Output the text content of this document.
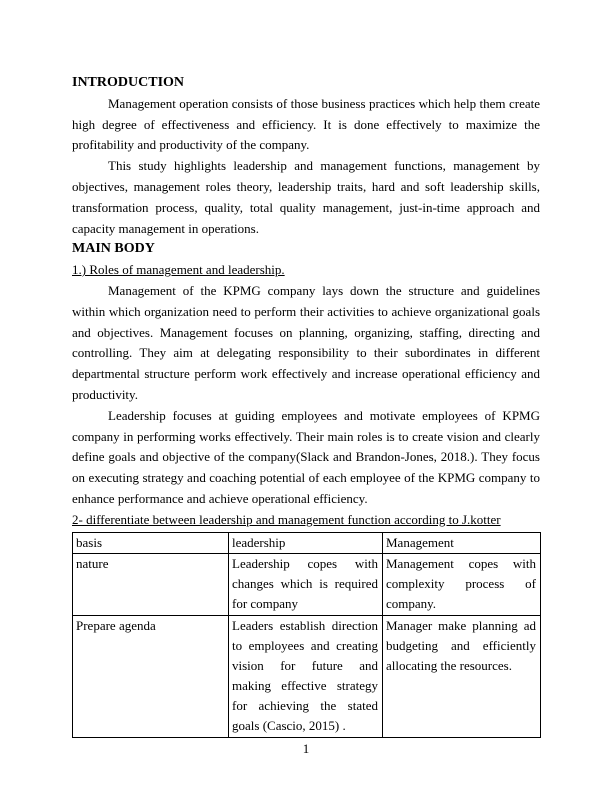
INTRODUCTION

Management operation consists of those business practices which help them create high degree of effectiveness and efficiency. It is done effectively to maximize the profitability and productivity of the company.

This study highlights leadership and management functions, management by objectives, management roles theory, leadership traits, hard and soft leadership skills, transformation process, quality, total quality management, just-in-time approach and capacity management in operations.

MAIN BODY

1.) Roles of management and leadership.

Management of the KPMG company lays down the structure and guidelines within which organization need to perform their activities to achieve organizational goals and objectives. Management focuses on planning, organizing, staffing, directing and controlling. They aim at delegating responsibility to their subordinates in different departmental structure perform work effectively and increase operational efficiency and productivity.

Leadership focuses at guiding employees and motivate employees of KPMG company in performing works effectively. Their main roles is to create vision and clearly define goals and objective of the company(Slack and Brandon-Jones, 2018.). They focus on executing strategy and coaching potential of each employee of the KPMG company to enhance performance and achieve operational efficiency.

2- differentiate between leadership and management function according to J.kotter

basis	leadership	Management
nature	Leadership copes with changes which is required for company	Management copes with complexity process of company.
Prepare agenda	Leaders establish direction to employees and creating vision for future and making effective strategy for achieving the stated goals (Cascio, 2015) .	Manager make planning ad budgeting and efficiently allocating the resources.
1
